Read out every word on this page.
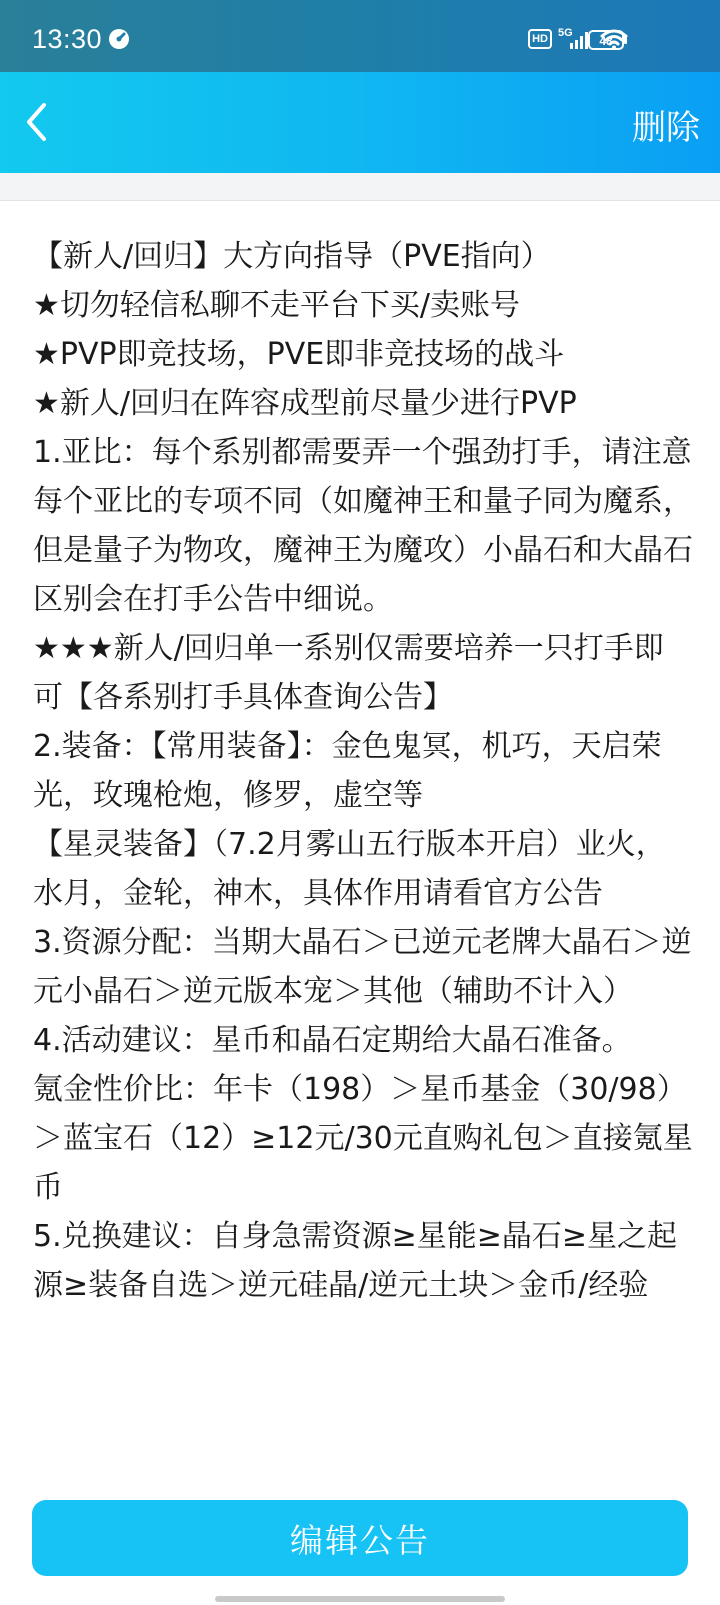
13:30	HD 5G
48
删除
【新人/回归】大方向指导（PVE指向）
★切勿轻信私聊不走平台下买/卖账号
★PVP即竞技场，PVE即非竞技场的战斗
★新人/回归在阵容成型前尽量少进行PVP
1.亚比：每个系别都需要弄一个强劲打手，请注意每个亚比的专项不同（如魔神王和量子同为魔系，但是量子为物攻，魔神王为魔攻）小晶石和大晶石区别会在打手公告中细说。
★★★新人/回归单一系别仅需要培养一只打手即可【各系别打手具体查询公告】
2.装备：【常用装备】：金色鬼冥，机巧，天启荣光，玫瑰枪炮，修罗，虚空等
【星灵装备】（7.2月雾山五行版本开启）业火，水月，金轮，神木，具体作用请看官方公告
3.资源分配：当期大晶石＞已逆元老牌大晶石＞逆元小晶石＞逆元版本宠＞其他（辅助不计入）
4.活动建议：星币和晶石定期给大晶石准备。
氪金性价比：年卡（198）＞星币基金（30/98）＞蓝宝石（12）≥12元/30元直购礼包＞直接氪星币
5.兑换建议：自身急需资源≥星能≥晶石≥星之起源≥装备自选＞逆元硅晶/逆元土块＞金币/经验
编辑公告
